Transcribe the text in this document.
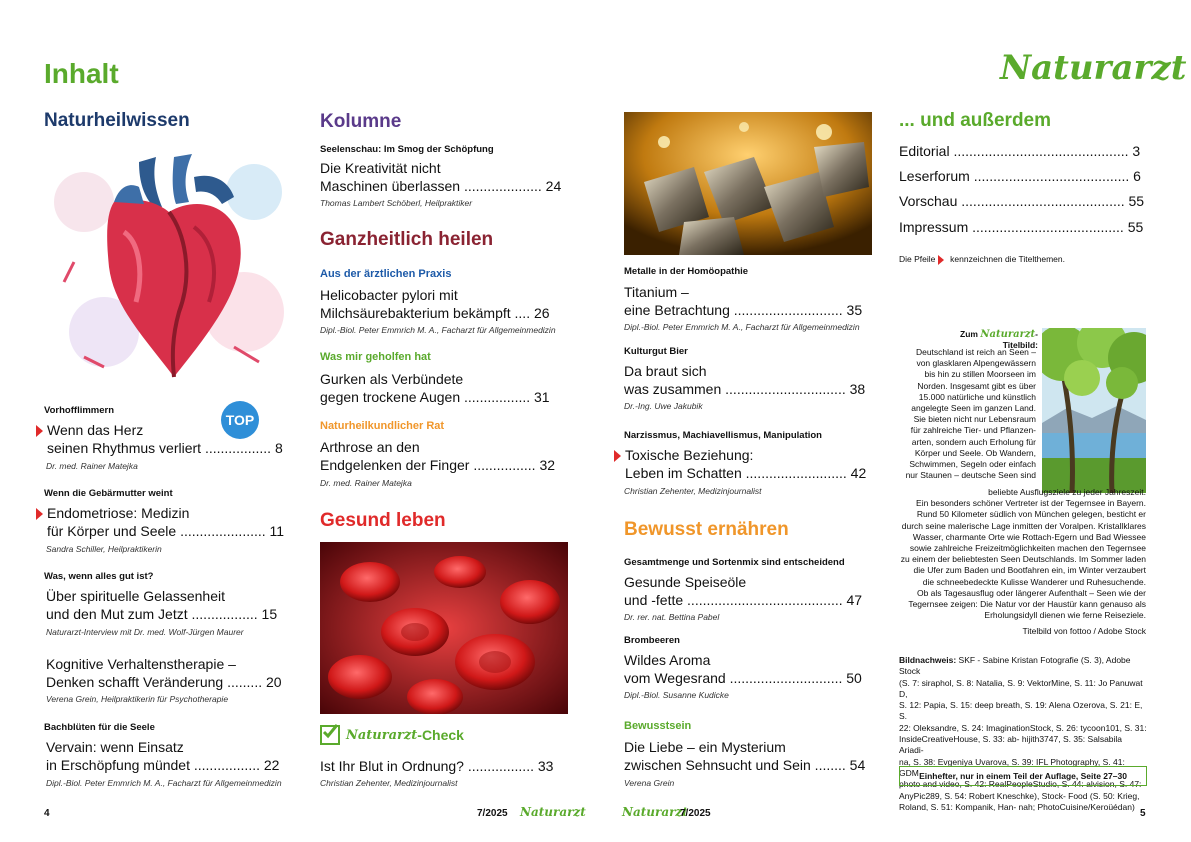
Inhalt
Naturheilwissen
TOP
Vorhofflimmern
Wenn das Herz
seinen Rhythmus verliert ................. 8
Dr. med. Rainer Matejka
Wenn die Gebärmutter weint
Endometriose: Medizin
für Körper und Seele ...................... 11
Sandra Schiller, Heilpraktikerin
Was, wenn alles gut ist?
Über spirituelle Gelassenheit
und den Mut zum Jetzt ................. 15
Naturarzt-Interview mit Dr. med. Wolf-Jürgen Maurer
Kognitive Verhaltenstherapie –
Denken schafft Veränderung ......... 20
Verena Grein, Heilpraktikerin für Psychotherapie
Bachblüten für die Seele
Vervain: wenn Einsatz
in Erschöpfung mündet ................. 22
Dipl.-Biol. Peter Emmrich M. A., Facharzt für Allgemeinmedizin
4
Kolumne
Seelenschau: Im Smog der Schöpfung
Die Kreativität nicht
Maschinen überlassen .................... 24
Thomas Lambert Schöberl, Heilpraktiker
Ganzheitlich heilen
Aus der ärztlichen Praxis
Helicobacter pylori mit
Milchsäurebakterium bekämpft .... 26
Dipl.-Biol. Peter Emmrich M. A., Facharzt für Allgemeinmedizin
Was mir geholfen hat
Gurken als Verbündete
gegen trockene Augen ................. 31
Naturheilkundlicher Rat
Arthrose an den
Endgelenken der Finger ................ 32
Dr. med. Rainer Matejka
Gesund leben
Naturarzt -Check
Ist Ihr Blut in Ordnung? ................. 33
Christian Zehenter, Medizinjournalist
7/2025 Naturarzt
Metalle in der Homöopathie
Titanium –
eine Betrachtung ............................ 35
Dipl.-Biol. Peter Emmrich M. A., Facharzt für Allgemeinmedizin
Kulturgut Bier
Da braut sich
was zusammen ............................... 38
Dr.-Ing. Uwe Jakubik
Narzissmus, Machiavellismus, Manipulation
Toxische Beziehung:
Leben im Schatten .......................... 42
Christian Zehenter, Medizinjournalist
Bewusst ernähren
Gesamtmenge und Sortenmix sind entscheidend
Gesunde Speiseöle
und -fette ........................................ 47
Dr. rer. nat. Bettina Pabel
Brombeeren
Wildes Aroma
vom Wegesrand ............................. 50
Dipl.-Biol. Susanne Kudicke
Bewusstsein
Die Liebe – ein Mysterium
zwischen Sehnsucht und Sein ........ 54
Verena Grein
Naturarzt
7/2025
Naturarzt
... und außerdem
Editorial ............................................. 3
Leserforum ........................................ 6
Vorschau .......................................... 55
Impressum ....................................... 55
Die Pfeile kennzeichnen die Titelthemen.
Zum Naturarzt-Titelbild:
Deutschland ist reich an Seen –
von glasklaren Alpengewässern
bis hin zu stillen Moorseen im
Norden. Insgesamt gibt es über
15.000 natürliche und künstlich
angelegte Seen im ganzen Land.
Sie bieten nicht nur Lebensraum
für zahlreiche Tier- und Pflanzen-
arten, sondern auch Erholung für
Körper und Seele. Ob Wandern,
Schwimmen, Segeln oder einfach
nur Staunen – deutsche Seen sind
beliebte Ausflugsziele zu jeder Jahreszeit.
Ein besonders schöner Vertreter ist der Tegernsee in Bayern.
Rund 50 Kilometer südlich von München gelegen, besticht er
durch seine malerische Lage inmitten der Voralpen. Kristallklares
Wasser, charmante Orte wie Rottach-Egern und Bad Wiessee
sowie zahlreiche Freizeitmöglichkeiten machen den Tegernsee
zu einem der beliebtesten Seen Deutschlands. Im Sommer laden
die Ufer zum Baden und Bootfahren ein, im Winter verzaubert
die schneebedeckte Kulisse Wanderer und Ruhesuchende.
Ob als Tagesausflug oder längerer Aufenthalt – Seen wie der
Tegernsee zeigen: Die Natur vor der Haustür kann genauso als
Erholungsidyll dienen wie ferne Reiseziele.
Titelbild von fottoo / Adobe Stock
Bildnachweis: SKF - Sabine Kristan Fotografie (S. 3), Adobe Stock
(S. 7: siraphol, S. 8: Natalia, S. 9: VektorMine, S. 11: Jo Panuwat D,
S. 12: Papia, S. 15: deep breath, S. 19: Alena Ozerova, S. 21: E, S.
22: Oleksandre, S. 24: ImaginationStock, S. 26: tycoon101, S. 31:
InsideCreativeHouse, S. 33: ab- hijith3747, S. 35: Salsabila Ariadi-
na, S. 38: Evgeniya Uvarova, S. 39: IFL Photography, S. 41: GDM
photo and video, S. 42: RealPeopleStudio, S. 44: alvision, S. 47:
AnyPic289, S. 54: Robert Kneschke), Stock- Food (S. 50: Krieg,
Roland, S. 51: Kompanik, Han- nah; PhotoCuisine/Keroüédan)
Einhefter, nur in einem Teil der Auflage, Seite 27–30
5
